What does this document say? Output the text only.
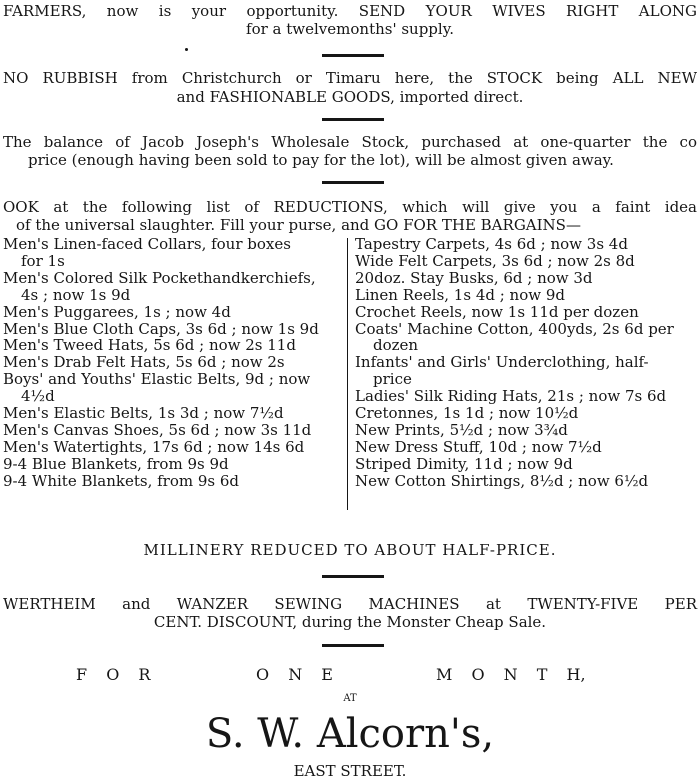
FARMERS, now is your opportunity. SEND YOUR WIVES RIGHT ALONG
for a twelvemonths' supply.
NO RUBBISH from Christchurch or Timaru here, the STOCK being ALL NEW
and FASHIONABLE GOODS, imported direct.
The balance of Jacob Joseph's Wholesale Stock, purchased at one-quarter the co
price (enough having been sold to pay for the lot), will be almost given away.
OOK at the following list of REDUCTIONS, which will give you a faint idea
of the universal slaughter. Fill your purse, and GO FOR THE BARGAINS—
Men's Linen-faced Collars, four boxes
for 1s
Men's Colored Silk Pockethandkerchiefs,
4s ; now 1s 9d
Men's Puggarees, 1s ; now 4d
Men's Blue Cloth Caps, 3s 6d ; now 1s 9d
Men's Tweed Hats, 5s 6d ; now 2s 11d
Men's Drab Felt Hats, 5s 6d ; now 2s
Boys' and Youths' Elastic Belts, 9d ; now
4½d
Men's Elastic Belts, 1s 3d ; now 7½d
Men's Canvas Shoes, 5s 6d ; now 3s 11d
Men's Watertights, 17s 6d ; now 14s 6d
9-4 Blue Blankets, from 9s 9d
9-4 White Blankets, from 9s 6d
Tapestry Carpets, 4s 6d ; now 3s 4d
Wide Felt Carpets, 3s 6d ; now 2s 8d
20doz. Stay Busks, 6d ; now 3d
Linen Reels, 1s 4d ; now 9d
Crochet Reels, now 1s 11d per dozen
Coats' Machine Cotton, 400yds, 2s 6d per
dozen
Infants' and Girls' Underclothing, half-
price
Ladies' Silk Riding Hats, 21s ; now 7s 6d
Cretonnes, 1s 1d ; now 10½d
New Prints, 5½d ; now 3¾d
New Dress Stuff, 10d ; now 7½d
Striped Dimity, 11d ; now 9d
New Cotton Shirtings, 8½d ; now 6½d
MILLINERY REDUCED TO ABOUT HALF-PRICE.
WERTHEIM and WANZER SEWING MACHINES at TWENTY-FIVE PER
CENT. DISCOUNT, during the Monster Cheap Sale.
F O R	O N E	M O N T H,
AT
S. W. Alcorn's,
EAST STREET.
